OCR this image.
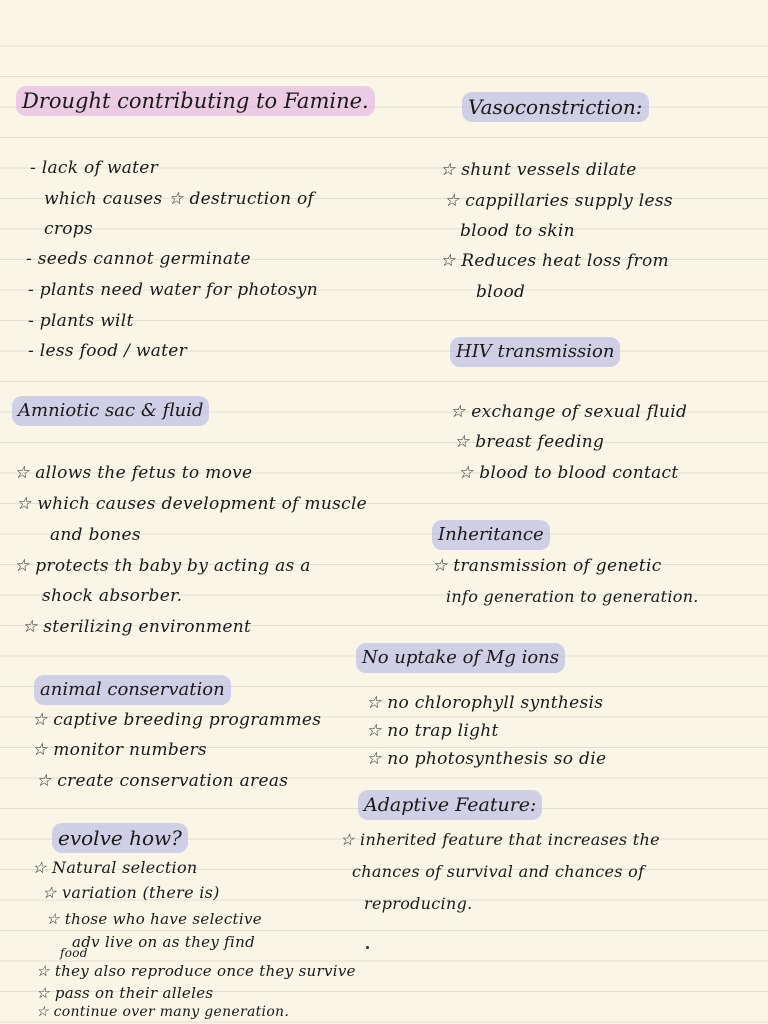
Drought contributing to Famine.
- lack of water
which causes ☆ destruction of
crops
- seeds cannot germinate
- plants need water for photosyn
- plants wilt
- less food / water
Amniotic sac & fluid
☆ allows the fetus to move
☆ which causes development of muscle
and bones
☆ protects th baby by acting as a
shock absorber.
☆ sterilizing environment
animal conservation
☆ captive breeding programmes
☆ monitor numbers
☆ create conservation areas
evolve how?
☆ Natural selection
☆ variation (there is)
☆ those who have selective
adv live on as they find
food
☆ they also reproduce once they survive
☆ pass on their alleles
☆ continue over many generation.
Vasoconstriction:
☆ shunt vessels dilate
☆ cappillaries supply less
blood to skin
☆ Reduces heat loss from
blood
HIV transmission
☆ exchange of sexual fluid
☆ breast feeding
☆ blood to blood contact
Inheritance
☆ transmission of genetic
info generation to generation.
No uptake of Mg ions
☆ no chlorophyll synthesis
☆ no trap light
☆ no photosynthesis so die
Adaptive Feature:
☆ inherited feature that increases the
chances of survival and chances of
reproducing.
